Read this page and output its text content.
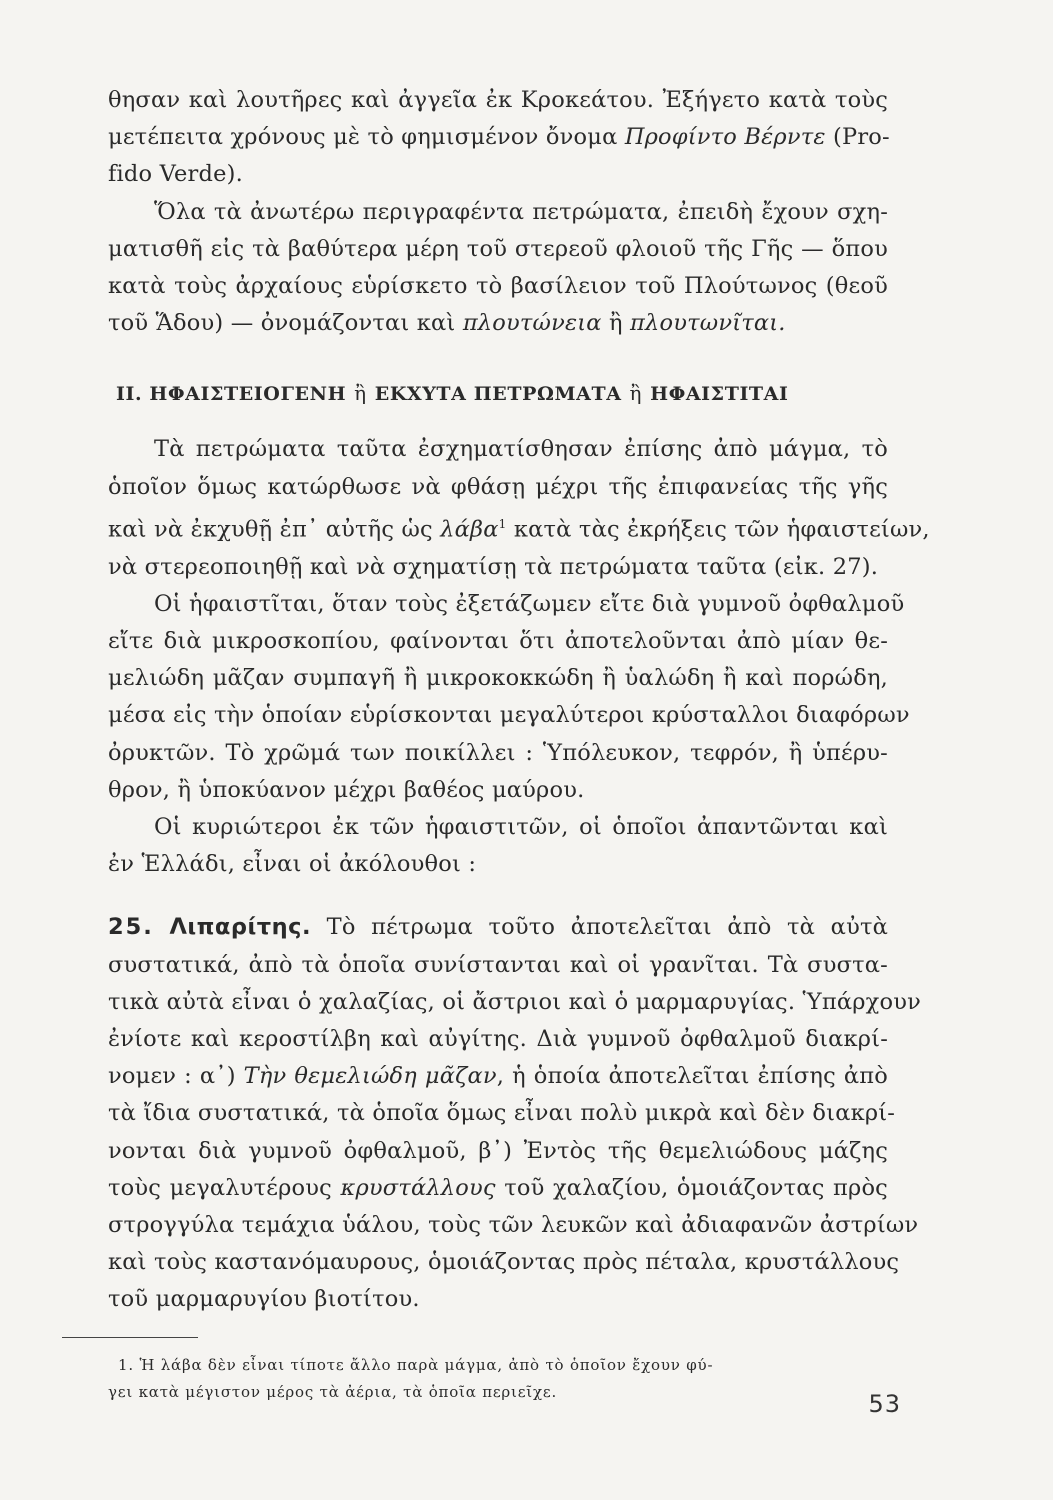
θησαν καὶ λουτῆρες καὶ ἀγγεῖα ἐκ Κροκεάτου. Ἐξήγετο κατὰ τοὺς
μετέπειτα χρόνους μὲ τὸ φημισμένον ὄνομα Πρoφίντο Βέρντε (Pro-
fido Verde).
Ὅλα τὰ ἀνωτέρω περιγραφέντα πετρώματα, ἐπειδὴ ἔχουν σχη-
ματισθῆ εἰς τὰ βαθύτερα μέρη τοῦ στερεοῦ φλοιοῦ τῆς Γῆς — ὅπου
κατὰ τοὺς ἀρχαίους εὑρίσκετο τὸ βασίλειον τοῦ Πλούτωνος (θεοῦ
τοῦ Ἅδου) — ὀνομάζονται καὶ πλουτώνεια ἢ πλουτωνῖται.
II. ΗΦΑΙΣΤΕΙΟΓΕΝΗ ἢ ΕΚΧΥΤΑ ΠΕΤΡΩΜΑΤΑ ἢ ΗΦΑΙΣΤΙΤΑΙ
Τὰ πετρώματα ταῦτα ἐσχηματίσθησαν ἐπίσης ἀπὸ μάγμα, τὸ
ὁποῖον ὅμως κατώρθωσε νὰ φθάσῃ μέχρι τῆς ἐπιφανείας τῆς γῆς
καὶ νὰ ἐκχυθῇ ἐπ᾿ αὐτῆς ὡς λάβα$^1$ κατὰ τὰς ἐκρήξεις τῶν ἡφαιστείων,
νὰ στερεοποιηθῇ καὶ νὰ σχηματίσῃ τὰ πετρώματα ταῦτα (εἰκ. 27).
Οἱ ἡφαιστῖται, ὅταν τοὺς ἐξετάζωμεν εἴτε διὰ γυμνοῦ ὀφθαλμοῦ
εἴτε διὰ μικροσκοπίου, φαίνονται ὅτι ἀποτελοῦνται ἀπὸ μίαν θε-
μελιώδη μᾶζαν συμπαγῆ ἢ μικροκοκκώδη ἢ ὑαλώδη ἢ καὶ πορώδη,
μέσα εἰς τὴν ὁποίαν εὑρίσκονται μεγαλύτεροι κρύσταλλοι διαφόρων
ὀρυκτῶν. Τὸ χρῶμά των ποικίλλει : Ὑπόλευκον, τεφρόν, ἢ ὑπέρυ-
θρον, ἢ ὑποκύανον μέχρι βαθέος μαύρου.
Οἱ κυριώτεροι ἐκ τῶν ἡφαιστιτῶν, οἱ ὁποῖοι ἀπαντῶνται καὶ
ἐν Ἑλλάδι, εἶναι οἱ ἀκόλουθοι :
25. Λιπαρίτης. Τὸ πέτρωμα τοῦτο ἀποτελεῖται ἀπὸ τὰ αὐτὰ
συστατικά, ἀπὸ τὰ ὁποῖα συνίστανται καὶ οἱ γρανῖται. Τὰ συστα-
τικὰ αὐτὰ εἶναι ὁ χαλαζίας, οἱ ἄστριοι καὶ ὁ μαρμαρυγίας. Ὑπάρχουν
ἐνίοτε καὶ κεροστίλβη καὶ αὐγίτης. Διὰ γυμνοῦ ὀφθαλμοῦ διακρί-
νομεν : α᾿) Τὴν θεμελιώδη μᾶζαν, ἡ ὁποία ἀποτελεῖται ἐπίσης ἀπὸ
τὰ ἴδια συστατικά, τὰ ὁποῖα ὅμως εἶναι πολὺ μικρὰ καὶ δὲν διακρί-
νονται διὰ γυμνοῦ ὀφθαλμοῦ, β᾿) Ἐντὸς τῆς θεμελιώδους μάζης
τοὺς μεγαλυτέρους κρυστάλλους τοῦ χαλαζίου, ὁμοιάζοντας πρὸς
στρογγύλα τεμάχια ὑάλου, τοὺς τῶν λευκῶν καὶ ἀδιαφανῶν ἀστρίων
καὶ τοὺς καστανόμαυρους, ὁμοιάζοντας πρὸς πέταλα, κρυστάλλους
τοῦ μαρμαρυγίου βιοτίτου.
1. Ἡ λάβα δὲν εἶναι τίποτε ἄλλο παρὰ μάγμα, ἀπὸ τὸ ὁποῖον ἔχουν φύ-
γει κατὰ μέγιστον μέρος τὰ ἀέρια, τὰ ὁποῖα περιεῖχε.	53
